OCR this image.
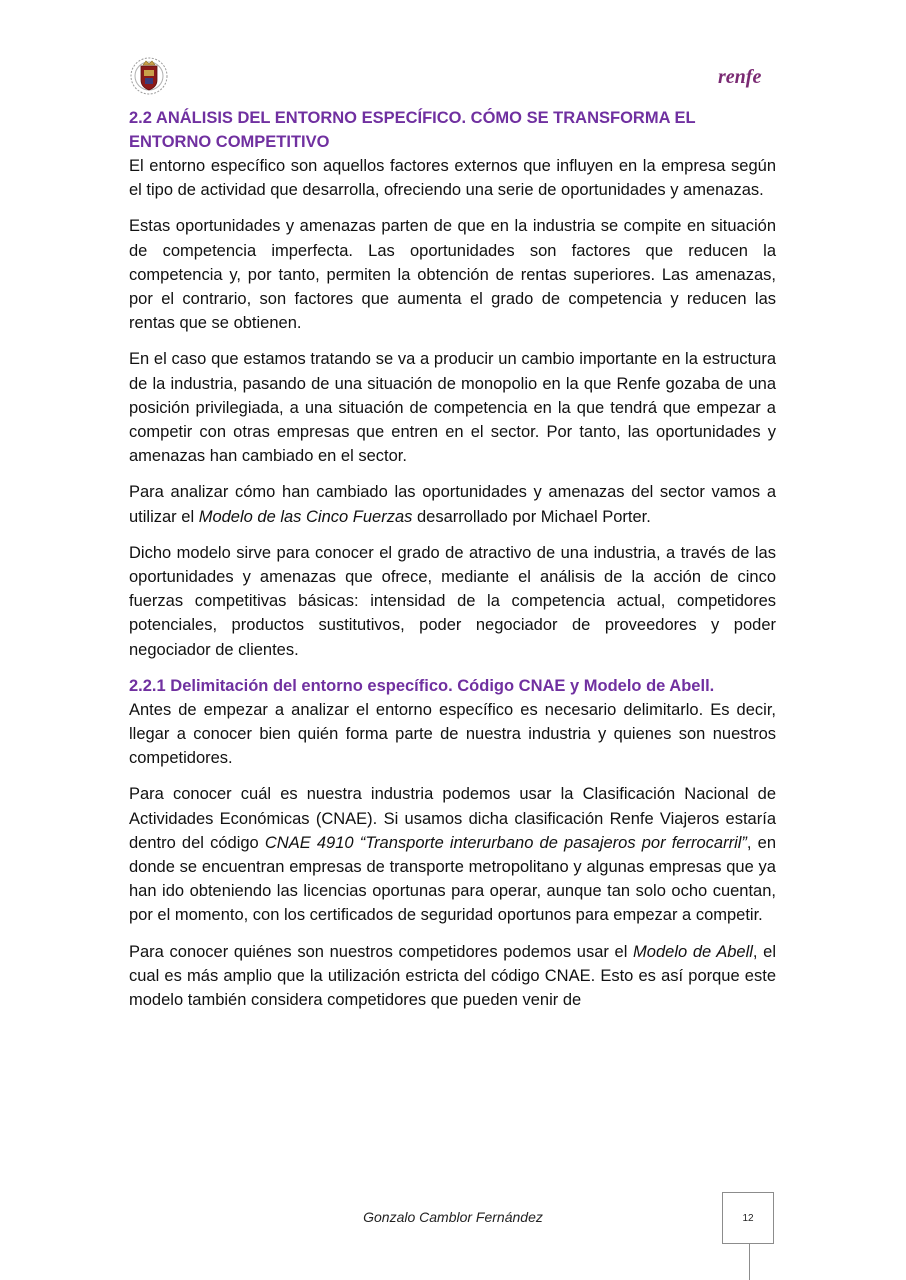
renfe
2.2 ANÁLISIS DEL ENTORNO ESPECÍFICO. CÓMO SE TRANSFORMA EL ENTORNO COMPETITIVO

El entorno específico son aquellos factores externos que influyen en la empresa según el tipo de actividad que desarrolla, ofreciendo una serie de oportunidades y amenazas.

Estas oportunidades y amenazas parten de que en la industria se compite en situación de competencia imperfecta. Las oportunidades son factores que reducen la competencia y, por tanto, permiten la obtención de rentas superiores. Las amenazas, por el contrario, son factores que aumenta el grado de competencia y reducen las rentas que se obtienen.

En el caso que estamos tratando se va a producir un cambio importante en la estructura de la industria, pasando de una situación de monopolio en la que Renfe gozaba de una posición privilegiada, a una situación de competencia en la que tendrá que empezar a competir con otras empresas que entren en el sector. Por tanto, las oportunidades y amenazas han cambiado en el sector.

Para analizar cómo han cambiado las oportunidades y amenazas del sector vamos a utilizar el Modelo de las Cinco Fuerzas desarrollado por Michael Porter.

Dicho modelo sirve para conocer el grado de atractivo de una industria, a través de las oportunidades y amenazas que ofrece, mediante el análisis de la acción de cinco fuerzas competitivas básicas: intensidad de la competencia actual, competidores potenciales, productos sustitutivos, poder negociador de proveedores y poder negociador de clientes.

2.2.1 Delimitación del entorno específico. Código CNAE y Modelo de Abell.

Antes de empezar a analizar el entorno específico es necesario delimitarlo. Es decir, llegar a conocer bien quién forma parte de nuestra industria y quienes son nuestros competidores.

Para conocer cuál es nuestra industria podemos usar la Clasificación Nacional de Actividades Económicas (CNAE). Si usamos dicha clasificación Renfe Viajeros estaría dentro del código CNAE 4910 “Transporte interurbano de pasajeros por ferrocarril”, en donde se encuentran empresas de transporte metropolitano y algunas empresas que ya han ido obteniendo las licencias oportunas para operar, aunque tan solo ocho cuentan, por el momento, con los certificados de seguridad oportunos para empezar a competir.

Para conocer quiénes son nuestros competidores podemos usar el Modelo de Abell, el cual es más amplio que la utilización estricta del código CNAE. Esto es así porque este modelo también considera competidores que pueden venir de

Gonzalo Camblor Fernández	12
